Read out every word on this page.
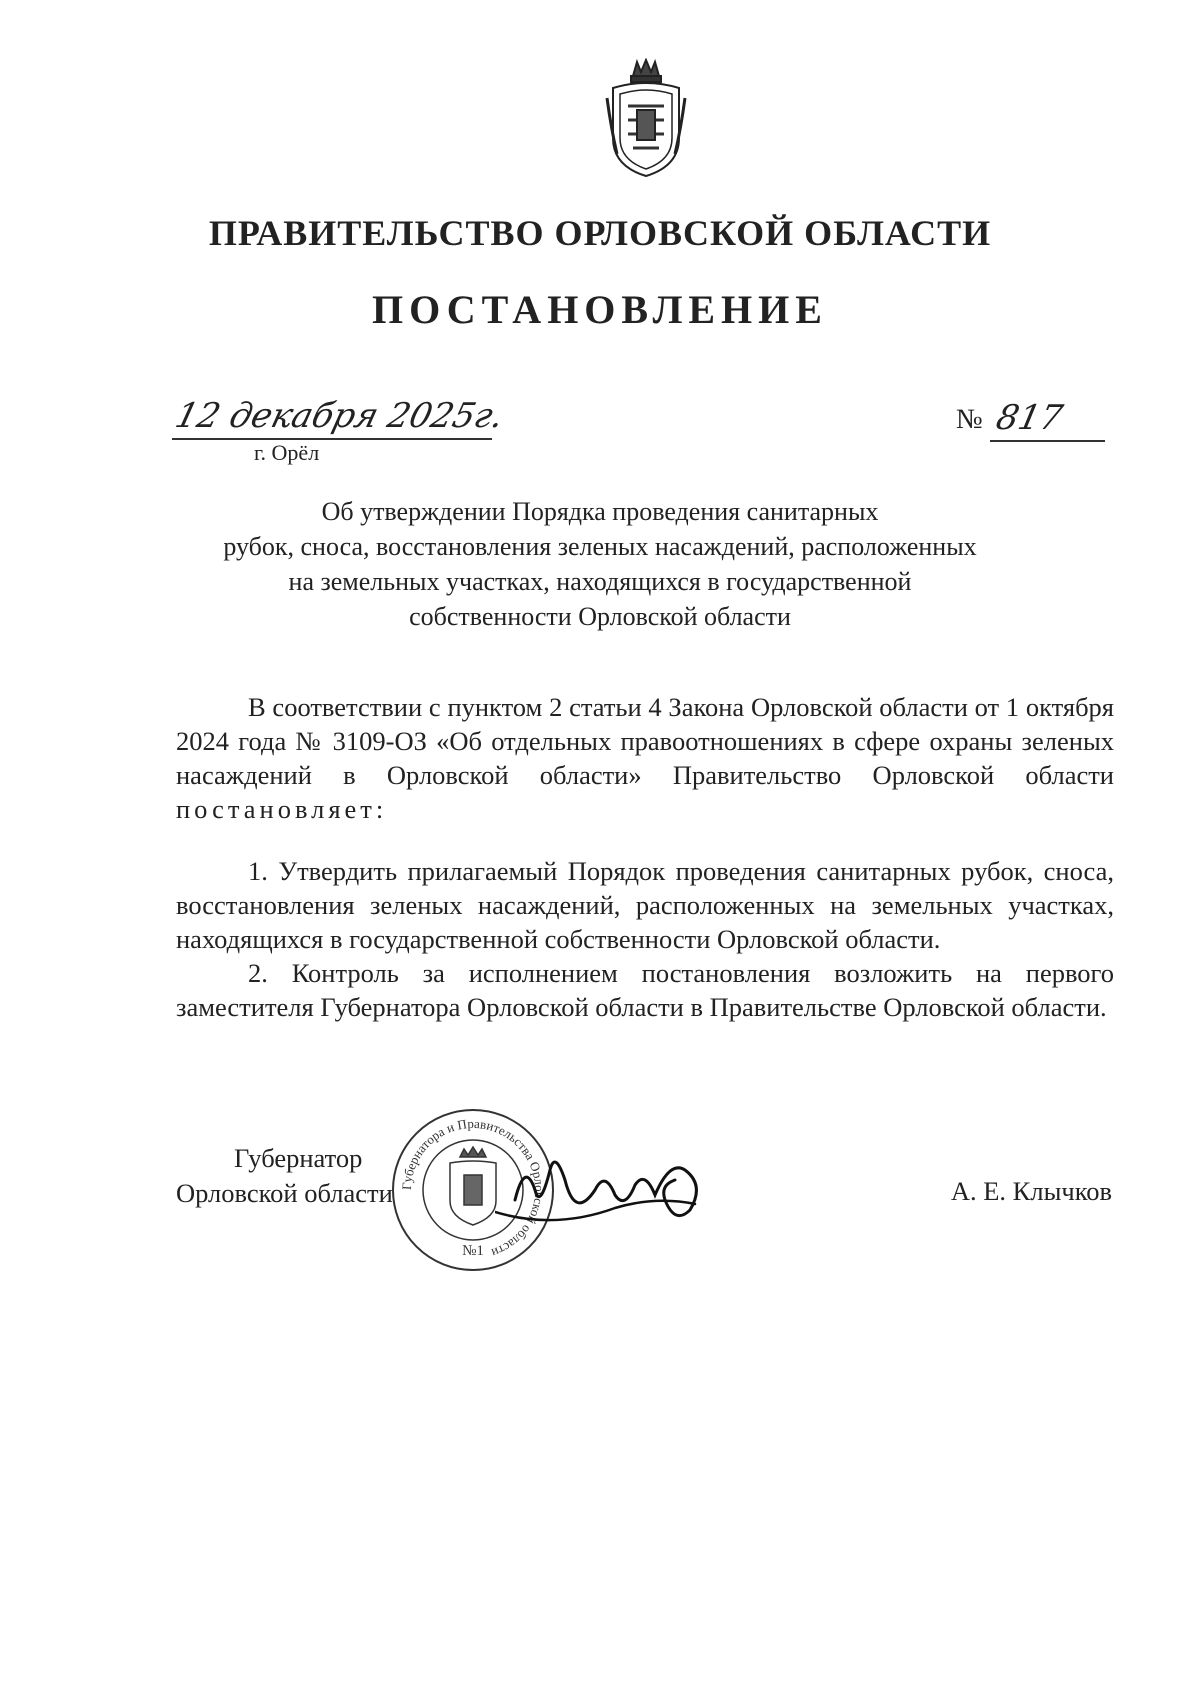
ПРАВИТЕЛЬСТВО ОРЛОВСКОЙ ОБЛАСТИ
ПОСТАНОВЛЕНИЕ
12 декабря 2025г.
г. Орёл
№ 817
Об утверждении Порядка проведения санитарных
рубок, сноса, восстановления зеленых насаждений, расположенных
на земельных участках, находящихся в государственной
собственности Орловской области

В соответствии с пунктом 2 статьи 4 Закона Орловской области от 1 октября 2024 года № 3109-ОЗ «Об отдельных правоотношениях в сфере охраны зеленых насаждений в Орловской области» Правительство Орловской области постановляет:

1. Утвердить прилагаемый Порядок проведения санитарных рубок, сноса, восстановления зеленых насаждений, расположенных на земельных участках, находящихся в государственной собственности Орловской области.

2. Контроль за исполнением постановления возложить на первого заместителя Губернатора Орловской области в Правительстве Орловской области.

Губернатор
Орловской области Губернатора и Правительства Орловской области
№1
А. Е. Клычков
